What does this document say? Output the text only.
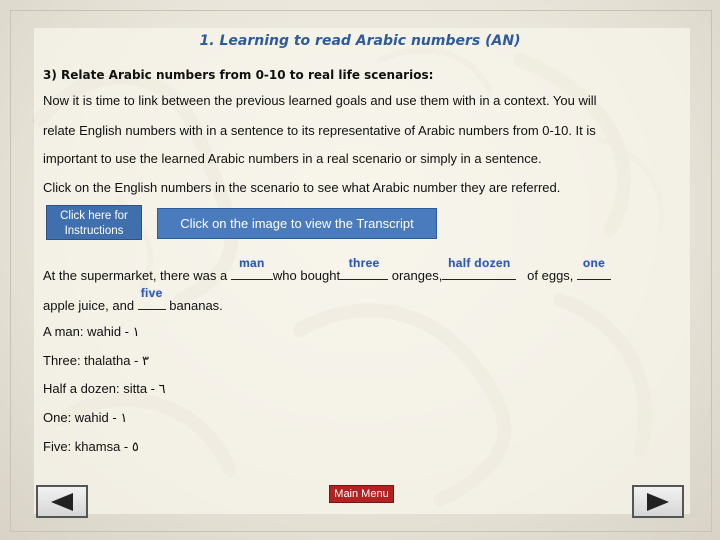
1. Learning to read Arabic numbers (AN)
3) Relate Arabic numbers from 0-10 to real life scenarios:
Now it is time to link between the previous learned goals and use them with in a context. You will
relate English numbers with in a sentence to its representative of Arabic numbers from 0-10. It is
important to use the learned Arabic numbers in a real scenario or simply in a sentence.
Click on the English numbers in the scenario to see what Arabic number they are referred.
Click here for
Instructions	Click on the image to view the Transcript
At the supermarket, there was a
man
who bought
three
oranges,
half dozen
of eggs,
one
apple juice, and
five
bananas.
A man: wahid - ١
Three: thalatha - ٣
Half a dozen: sitta - ٦
One: wahid - ١
Five: khamsa - ٥
Main Menu
